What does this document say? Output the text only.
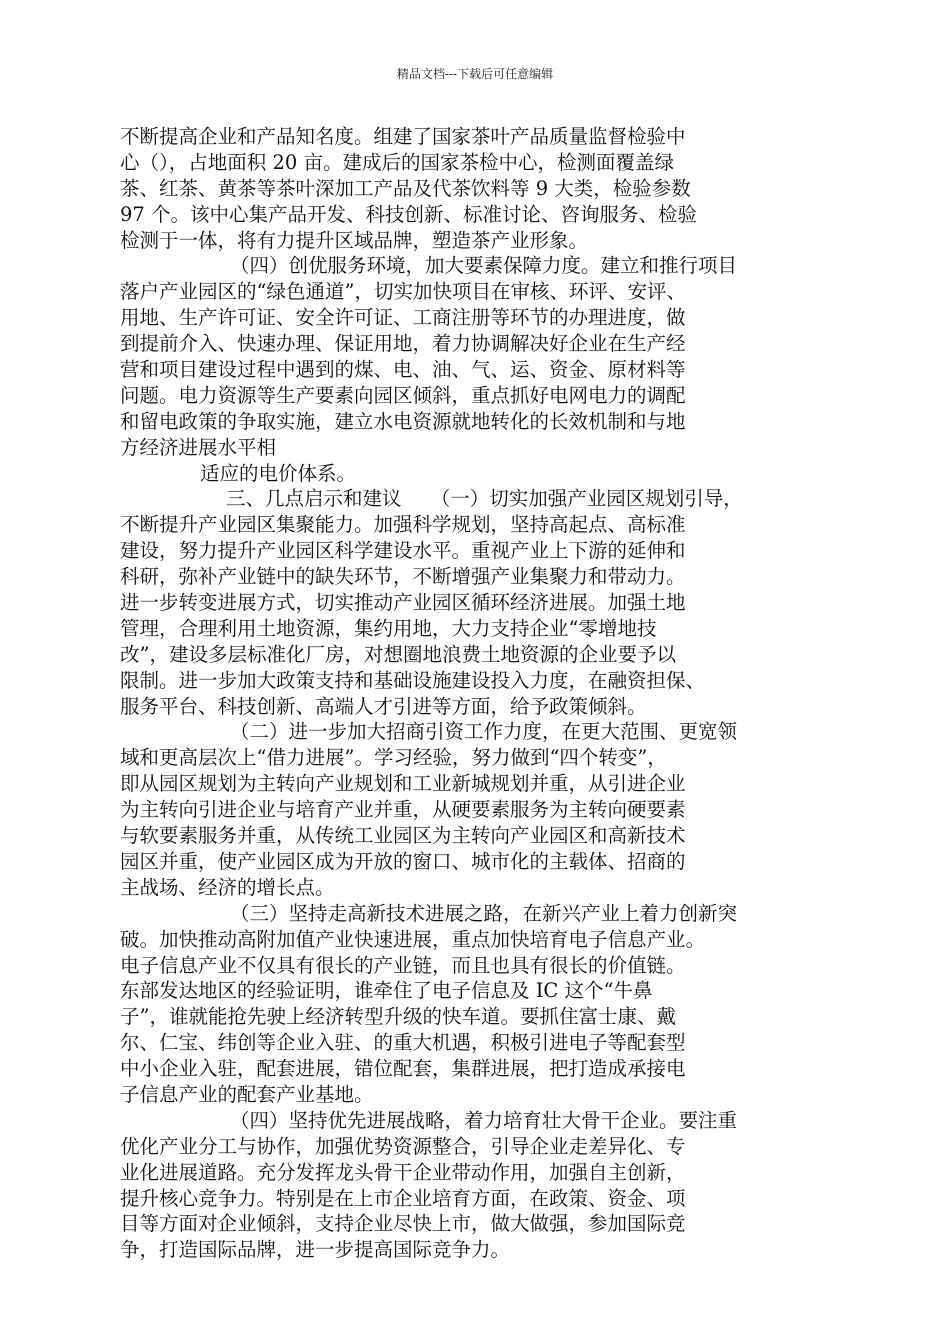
精品文档---下载后可任意编辑
不断提高企业和产品知名度。组建了国家茶叶产品质量监督检验中
心（），占地面积 20 亩。建成后的国家茶检中心，检测面覆盖绿
茶、红茶、黄茶等茶叶深加工产品及代茶饮料等 9 大类，检验参数
97 个。该中心集产品开发、科技创新、标准讨论、咨询服务、检验
检测于一体，将有力提升区域品牌，塑造茶产业形象。
（四）创优服务环境，加大要素保障力度。建立和推行项目
落户产业园区的“绿色通道”，切实加快项目在审核、环评、安评、
用地、生产许可证、安全许可证、工商注册等环节的办理进度，做
到提前介入、快速办理、保证用地，着力协调解决好企业在生产经
营和项目建设过程中遇到的煤、电、油、气、运、资金、原材料等
问题。电力资源等生产要素向园区倾斜，重点抓好电网电力的调配
和留电政策的争取实施，建立水电资源就地转化的长效机制和与地
方经济进展水平相
适应的电价体系。
三、几点启示和建议　　（一）切实加强产业园区规划引导，
不断提升产业园区集聚能力。加强科学规划，坚持高起点、高标准
建设，努力提升产业园区科学建设水平。重视产业上下游的延伸和
科研，弥补产业链中的缺失环节，不断增强产业集聚力和带动力。
进一步转变进展方式，切实推动产业园区循环经济进展。加强土地
管理，合理利用土地资源，集约用地，大力支持企业“零增地技
改”，建设多层标准化厂房，对想圈地浪费土地资源的企业要予以
限制。进一步加大政策支持和基础设施建设投入力度，在融资担保、
服务平台、科技创新、高端人才引进等方面，给予政策倾斜。
（二）进一步加大招商引资工作力度，在更大范围、更宽领
域和更高层次上“借力进展”。学习经验，努力做到“四个转变”，
即从园区规划为主转向产业规划和工业新城规划并重，从引进企业
为主转向引进企业与培育产业并重，从硬要素服务为主转向硬要素
与软要素服务并重，从传统工业园区为主转向产业园区和高新技术
园区并重，使产业园区成为开放的窗口、城市化的主载体、招商的
主战场、经济的增长点。
（三）坚持走高新技术进展之路，在新兴产业上着力创新突
破。加快推动高附加值产业快速进展，重点加快培育电子信息产业。
电子信息产业不仅具有很长的产业链，而且也具有很长的价值链。
东部发达地区的经验证明，谁牵住了电子信息及 IC 这个“牛鼻
子”，谁就能抢先驶上经济转型升级的快车道。要抓住富士康、戴
尔、仁宝、纬创等企业入驻、的重大机遇，积极引进电子等配套型
中小企业入驻，配套进展，错位配套，集群进展，把打造成承接电
子信息产业的配套产业基地。
（四）坚持优先进展战略，着力培育壮大骨干企业。要注重
优化产业分工与协作，加强优势资源整合，引导企业走差异化、专
业化进展道路。充分发挥龙头骨干企业带动作用，加强自主创新，
提升核心竞争力。特别是在上市企业培育方面，在政策、资金、项
目等方面对企业倾斜，支持企业尽快上市，做大做强，参加国际竞
争，打造国际品牌，进一步提高国际竞争力。
